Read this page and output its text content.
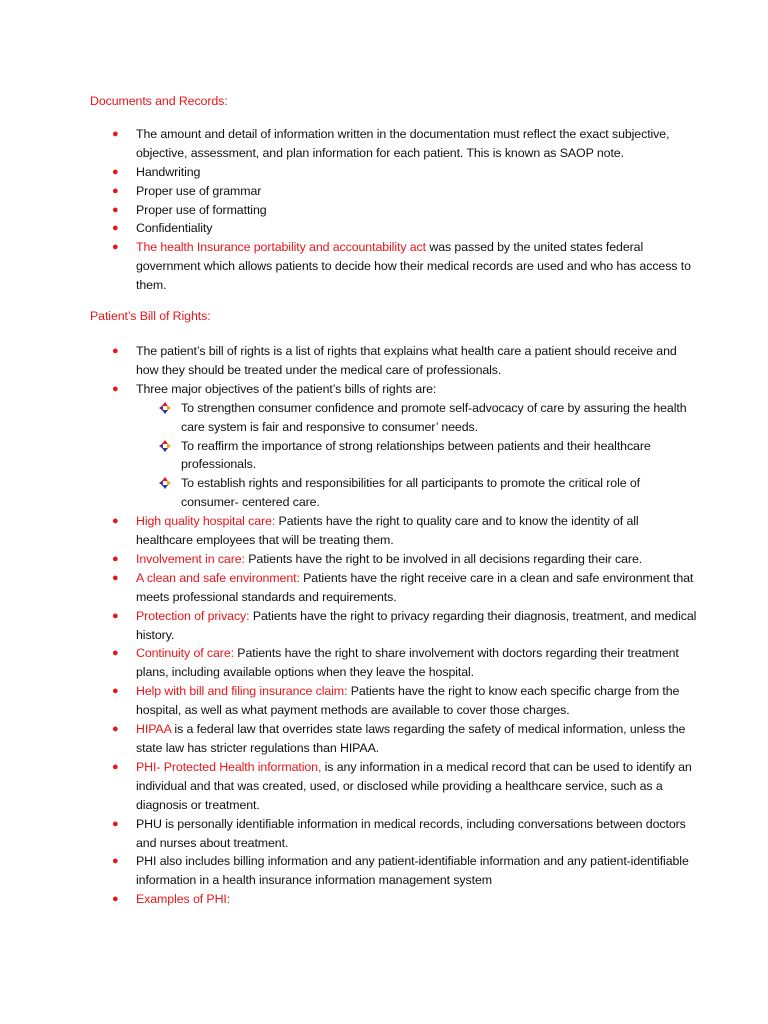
Documents and Records:

● The amount and detail of information written in the documentation must reflect the exact subjective, objective, assessment, and plan information for each patient. This is known as SAOP note.
● Handwriting
● Proper use of grammar
● Proper use of formatting
● Confidentiality
● The health Insurance portability and accountability act was passed by the united states federal government which allows patients to decide how their medical records are used and who has access to them.

Patient’s Bill of Rights:

● The patient’s bill of rights is a list of rights that explains what health care a patient should receive and how they should be treated under the medical care of professionals.
● Three major objectives of the patient’s bills of rights are:
To strengthen consumer confidence and promote self-advocacy of care by assuring the health care system is fair and responsive to consumer’ needs.
To reaffirm the importance of strong relationships between patients and their healthcare professionals.
To establish rights and responsibilities for all participants to promote the critical role of consumer- centered care.
● High quality hospital care: Patients have the right to quality care and to know the identity of all healthcare employees that will be treating them.
● Involvement in care: Patients have the right to be involved in all decisions regarding their care.
● A clean and safe environment: Patients have the right receive care in a clean and safe environment that meets professional standards and requirements.
● Protection of privacy: Patients have the right to privacy regarding their diagnosis, treatment, and medical history.
● Continuity of care: Patients have the right to share involvement with doctors regarding their treatment plans, including available options when they leave the hospital.
● Help with bill and filing insurance claim: Patients have the right to know each specific charge from the hospital, as well as what payment methods are available to cover those charges.
● HIPAA is a federal law that overrides state laws regarding the safety of medical information, unless the state law has stricter regulations than HIPAA.
● PHI- Protected Health information, is any information in a medical record that can be used to identify an individual and that was created, used, or disclosed while providing a healthcare service, such as a diagnosis or treatment.
● PHU is personally identifiable information in medical records, including conversations between doctors and nurses about treatment.
● PHI also includes billing information and any patient-identifiable information and any patient-identifiable information in a health insurance information management system
● Examples of PHI:
